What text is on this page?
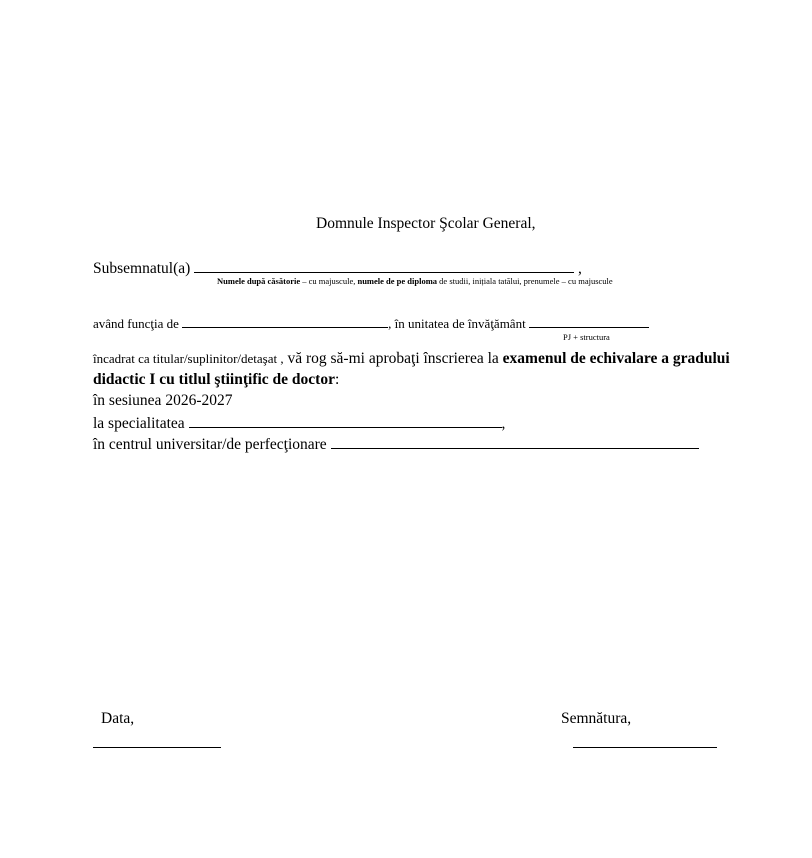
Domnule Inspector Şcolar General,
Subsemnatul(a)	,
Numele după căsătorie – cu majuscule, numele de pe diploma de studii, inițiala tatălui, prenumele – cu majuscule
având funcţia de	, în unitatea de învăţământ
PJ + structura
încadrat ca titular/suplinitor/detaşat , vă rog să-mi aprobaţi înscrierea la examenul de echivalare a gradului
didactic I cu titlul ştiinţific de doctor:
în sesiunea 2026-2027
la specialitatea	,
în centrul universitar/de perfecţionare
Data,	Semnătura,
